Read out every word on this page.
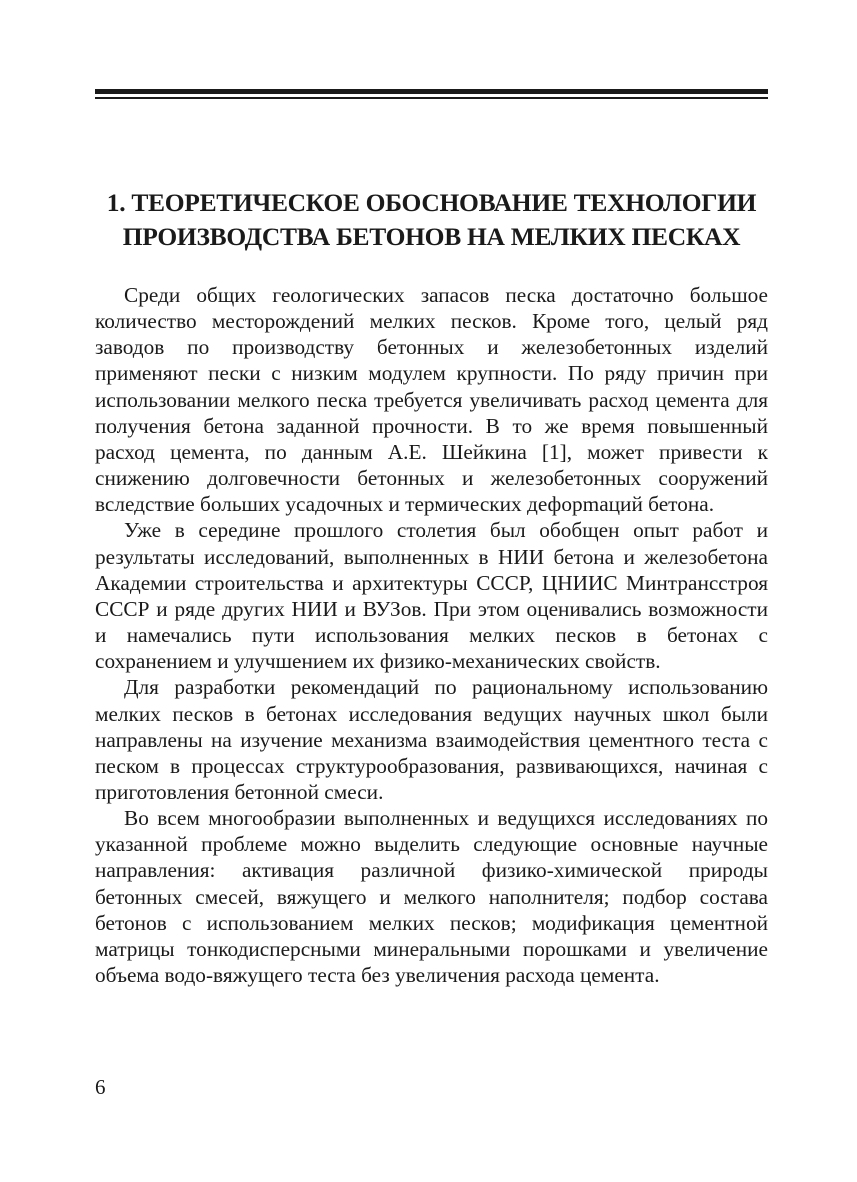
1. ТЕОРЕТИЧЕСКОЕ ОБОСНОВАНИЕ ТЕХНОЛОГИИ
ПРОИЗВОДСТВА БЕТОНОВ НА МЕЛКИХ ПЕСКАХ

Среди общих геологических запасов песка достаточно большое количество месторождений мелких песков. Кроме того, целый ряд заводов по производству бетонных и железобетонных изделий применяют пески с низким модулем крупности. По ряду причин при использовании мелкого песка требуется увеличивать расход цемента для получения бетона заданной прочности. В то же время повышенный расход цемента, по данным А.Е. Шейкина [1], может привести к снижению долговечности бетонных и железобетонных сооружений вследствие больших усадочных и термических дефорmаций бетона.

Уже в середине прошлого столетия был обобщен опыт работ и результаты исследований, выполненных в НИИ бетона и железобетона Академии строительства и архитектуры СССР, ЦНИИС Минтрансстроя СССР и ряде других НИИ и ВУЗов. При этом оценивались возможности и намечались пути использования мелких песков в бетонах с сохранением и улучшением их физико-механических свойств.

Для разработки рекомендаций по рациональному использованию мелких песков в бетонах исследования ведущих научных школ были направлены на изучение механизма взаимодействия цементного теста с песком в процессах структурообразования, развивающихся, начиная с приготовления бетонной смеси.

Во всем многообразии выполненных и ведущихся исследованиях по указанной проблеме можно выделить следующие основные научные направления: активация различной физико-химической природы бетонных смесей, вяжущего и мелкого наполнителя; подбор состава бетонов с использованием мелких песков; модификация цементной матрицы тонкодисперсными минеральными порошками и увеличение объема водо-вяжущего теста без увеличения расхода цемента.

6
